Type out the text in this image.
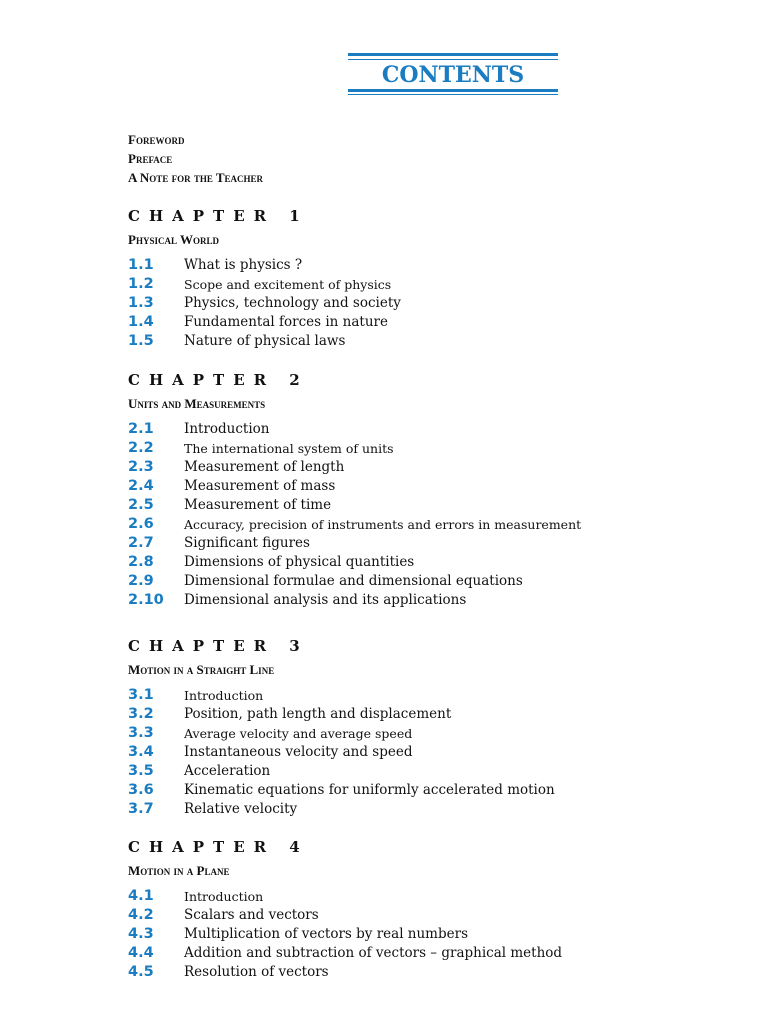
CONTENTS
Foreword
Preface
A Note for the Teacher
CHAPTER 1
Physical World
1.1	What is physics ?
1.2	Scope and excitement of physics
1.3	Physics, technology and society
1.4	Fundamental forces in nature
1.5	Nature of physical laws
CHAPTER 2
Units and Measurements
2.1	Introduction
2.2	The international system of units
2.3	Measurement of length
2.4	Measurement of mass
2.5	Measurement of time
2.6	Accuracy, precision of instruments and errors in measurement
2.7	Significant figures
2.8	Dimensions of physical quantities
2.9	Dimensional formulae and dimensional equations
2.10	Dimensional analysis and its applications
CHAPTER 3
Motion in a Straight Line
3.1	Introduction
3.2	Position, path length and displacement
3.3	Average velocity and average speed
3.4	Instantaneous velocity and speed
3.5	Acceleration
3.6	Kinematic equations for uniformly accelerated motion
3.7	Relative velocity
CHAPTER 4
Motion in a Plane
4.1	Introduction
4.2	Scalars and vectors
4.3	Multiplication of vectors by real numbers
4.4	Addition and subtraction of vectors – graphical method
4.5	Resolution of vectors
